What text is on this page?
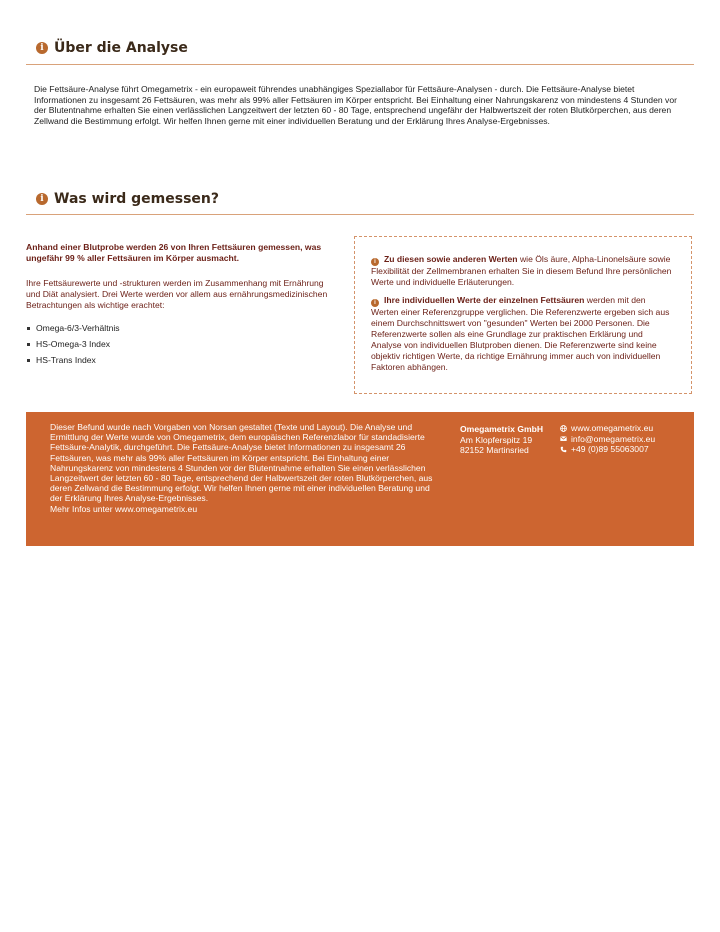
i Über die Analyse
Die Fettsäure-Analyse führt Omegametrix - ein europaweit führendes unabhängiges Speziallabor für Fettsäure-Analysen - durch. Die Fettsäure-Analyse bietet Informationen zu insgesamt 26 Fettsäuren, was mehr als 99% aller Fettsäuren im Körper entspricht. Bei Einhaltung einer Nahrungskarenz von mindestens 4 Stunden vor der Blutentnahme erhalten Sie einen verlässlichen Langzeitwert der letzten 60 - 80 Tage, entsprechend ungefähr der Halbwertszeit der roten Blutkörperchen, aus deren Zellwand die Bestimmung erfolgt. Wir helfen Ihnen gerne mit einer individuellen Beratung und der Erklärung Ihres Analyse-Ergebnisses.
i Was wird gemessen?

Anhand einer Blutprobe werden 26 von Ihren Fettsäuren gemessen, was ungefähr 99 % aller Fettsäuren im Körper ausmacht.

Ihre Fettsäurewerte und -strukturen werden im Zusammenhang mit Ernährung und Diät analysiert. Drei Werte werden vor allem aus ernährungsmedizinischen Betrachtungen als wichtige erachtet:

Omega-6/3-Verhältnis
HS-Omega-3 Index
HS-Trans Index

i Zu diesen sowie anderen Werten wie Öls äure, Alpha-Linonelsäure sowie Flexibilität der Zellmembranen erhalten Sie in diesem Befund Ihre persönlichen Werte und individuelle Erläuterungen.

i Ihre individuellen Werte der einzelnen Fettsäuren werden mit den Werten einer Referenzgruppe verglichen. Die Referenzwerte ergeben sich aus einem Durchschnittswert von "gesunden" Werten bei 2000 Personen. Die Referenzwerte sollen als eine Grundlage zur praktischen Erklärung und Analyse von individuellen Blutproben dienen. Die Referenzwerte sind keine objektiv richtigen Werte, da richtige Ernährung immer auch von individuellen Faktoren abhängen.

Dieser Befund wurde nach Vorgaben von Norsan gestaltet (Texte und Layout). Die Analyse und Ermittlung der Werte wurde von Omegametrix, dem europäischen Referenzlabor für standadisierte Fettsäure-Analytik, durchgeführt. Die Fettsäure-Analyse bietet Informationen zu insgesamt 26 Fettsäuren, was mehr als 99% aller Fettsäuren im Körper entspricht. Bei Einhaltung einer Nahrungskarenz von mindestens 4 Stunden vor der Blutentnahme erhalten Sie einen verlässlichen Langzeitwert der letzten 60 - 80 Tage, entsprechend der Halbwertszeit der roten Blutkörperchen, aus deren Zellwand die Bestimmung erfolgt. Wir helfen Ihnen gerne mit einer individuellen Beratung und der Erklärung Ihres Analyse-Ergebnisses.
Mehr Infos unter www.omegametrix.eu
Omegametrix GmbH
Am Klopferspitz 19
82152 Martinsried
www.omegametrix.eu
info@omegametrix.eu
+49 (0)89 55063007
